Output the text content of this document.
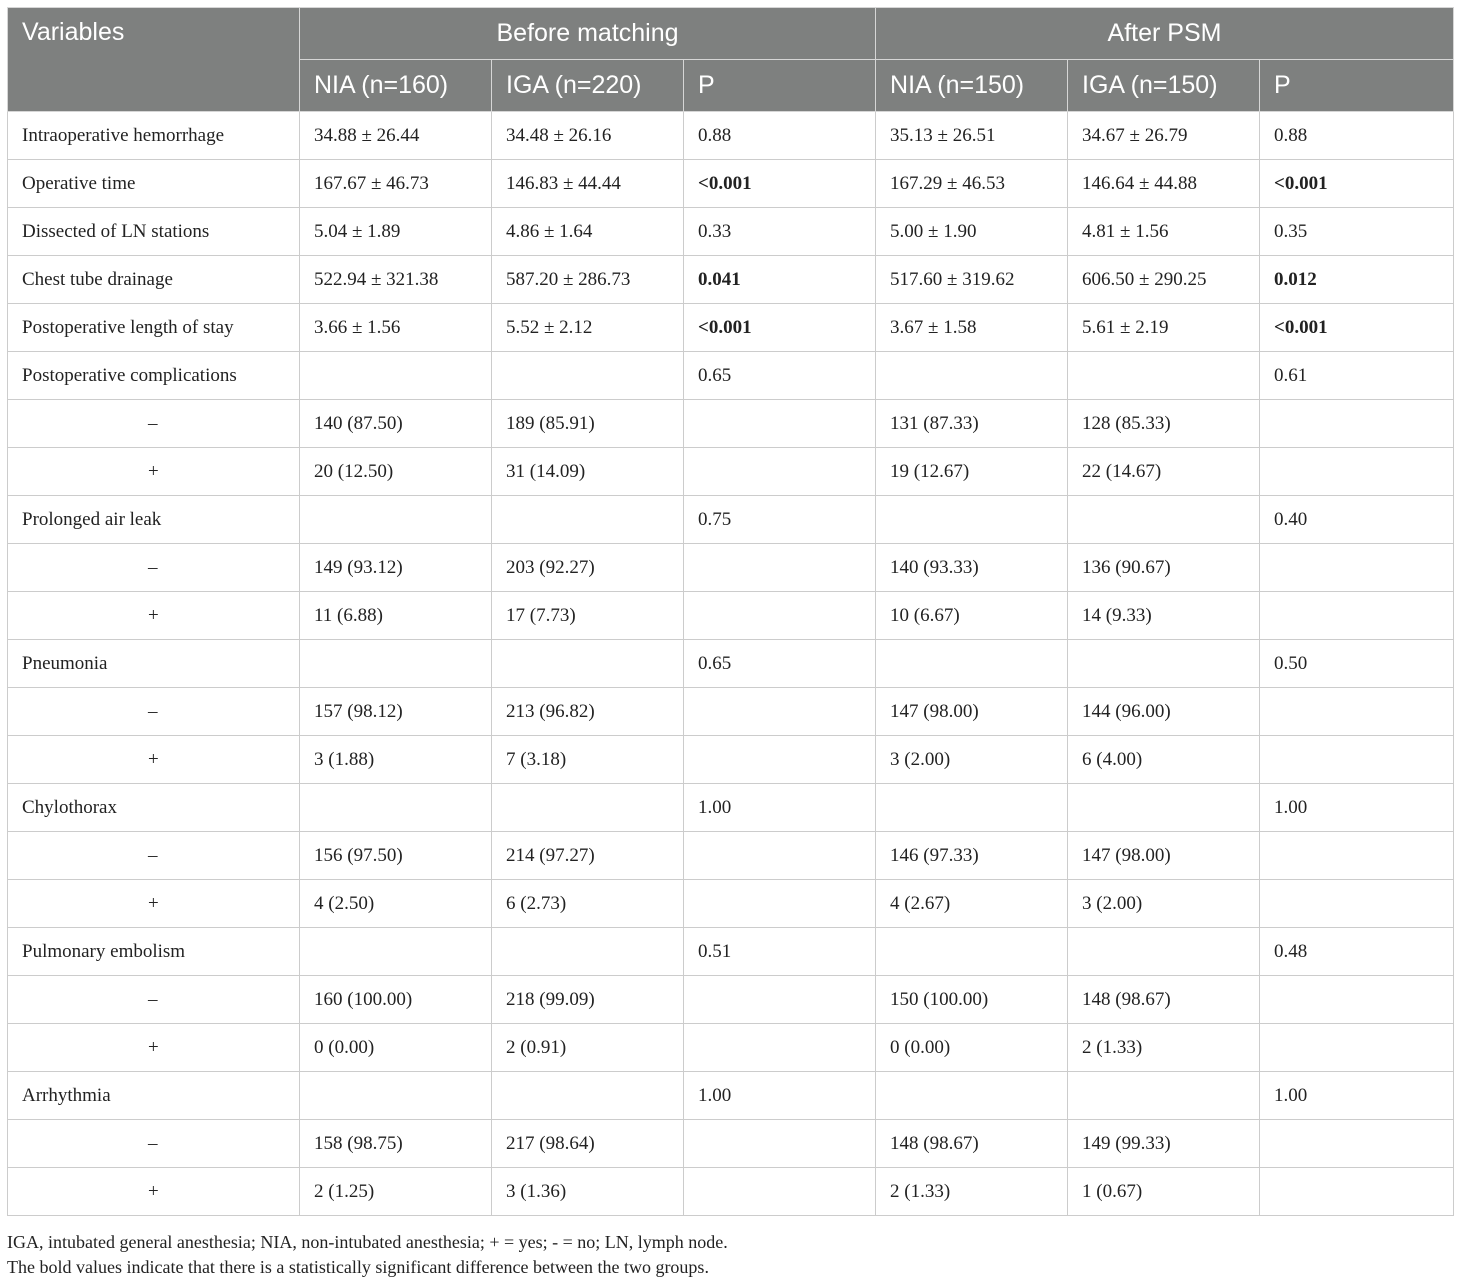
Variables	Before matching			After PSM		
	NIA (n=160)	IGA (n=220)	P	NIA (n=150)	IGA (n=150)	P
Intraoperative hemorrhage	34.88 ± 26.44	34.48 ± 26.16	0.88	35.13 ± 26.51	34.67 ± 26.79	0.88
Operative time	167.67 ± 46.73	146.83 ± 44.44	<0.001	167.29 ± 46.53	146.64 ± 44.88	<0.001
Dissected of LN stations	5.04 ± 1.89	4.86 ± 1.64	0.33	5.00 ± 1.90	4.81 ± 1.56	0.35
Chest tube drainage	522.94 ± 321.38	587.20 ± 286.73	0.041	517.60 ± 319.62	606.50 ± 290.25	0.012
Postoperative length of stay	3.66 ± 1.56	5.52 ± 2.12	<0.001	3.67 ± 1.58	5.61 ± 2.19	<0.001
Postoperative complications			0.65			0.61
–	140 (87.50)	189 (85.91)		131 (87.33)	128 (85.33)	
+	20 (12.50)	31 (14.09)		19 (12.67)	22 (14.67)	
Prolonged air leak			0.75			0.40
–	149 (93.12)	203 (92.27)		140 (93.33)	136 (90.67)	
+	11 (6.88)	17 (7.73)		10 (6.67)	14 (9.33)	
Pneumonia			0.65			0.50
–	157 (98.12)	213 (96.82)		147 (98.00)	144 (96.00)	
+	3 (1.88)	7 (3.18)		3 (2.00)	6 (4.00)	
Chylothorax			1.00			1.00
–	156 (97.50)	214 (97.27)		146 (97.33)	147 (98.00)	
+	4 (2.50)	6 (2.73)		4 (2.67)	3 (2.00)	
Pulmonary embolism			0.51			0.48
–	160 (100.00)	218 (99.09)		150 (100.00)	148 (98.67)	
+	0 (0.00)	2 (0.91)		0 (0.00)	2 (1.33)	
Arrhythmia			1.00			1.00
–	158 (98.75)	217 (98.64)		148 (98.67)	149 (99.33)	
+	2 (1.25)	3 (1.36)		2 (1.33)	1 (0.67)	
IGA, intubated general anesthesia; NIA, non-intubated anesthesia; + = yes; - = no; LN, lymph node.
The bold values indicate that there is a statistically significant difference between the two groups.
